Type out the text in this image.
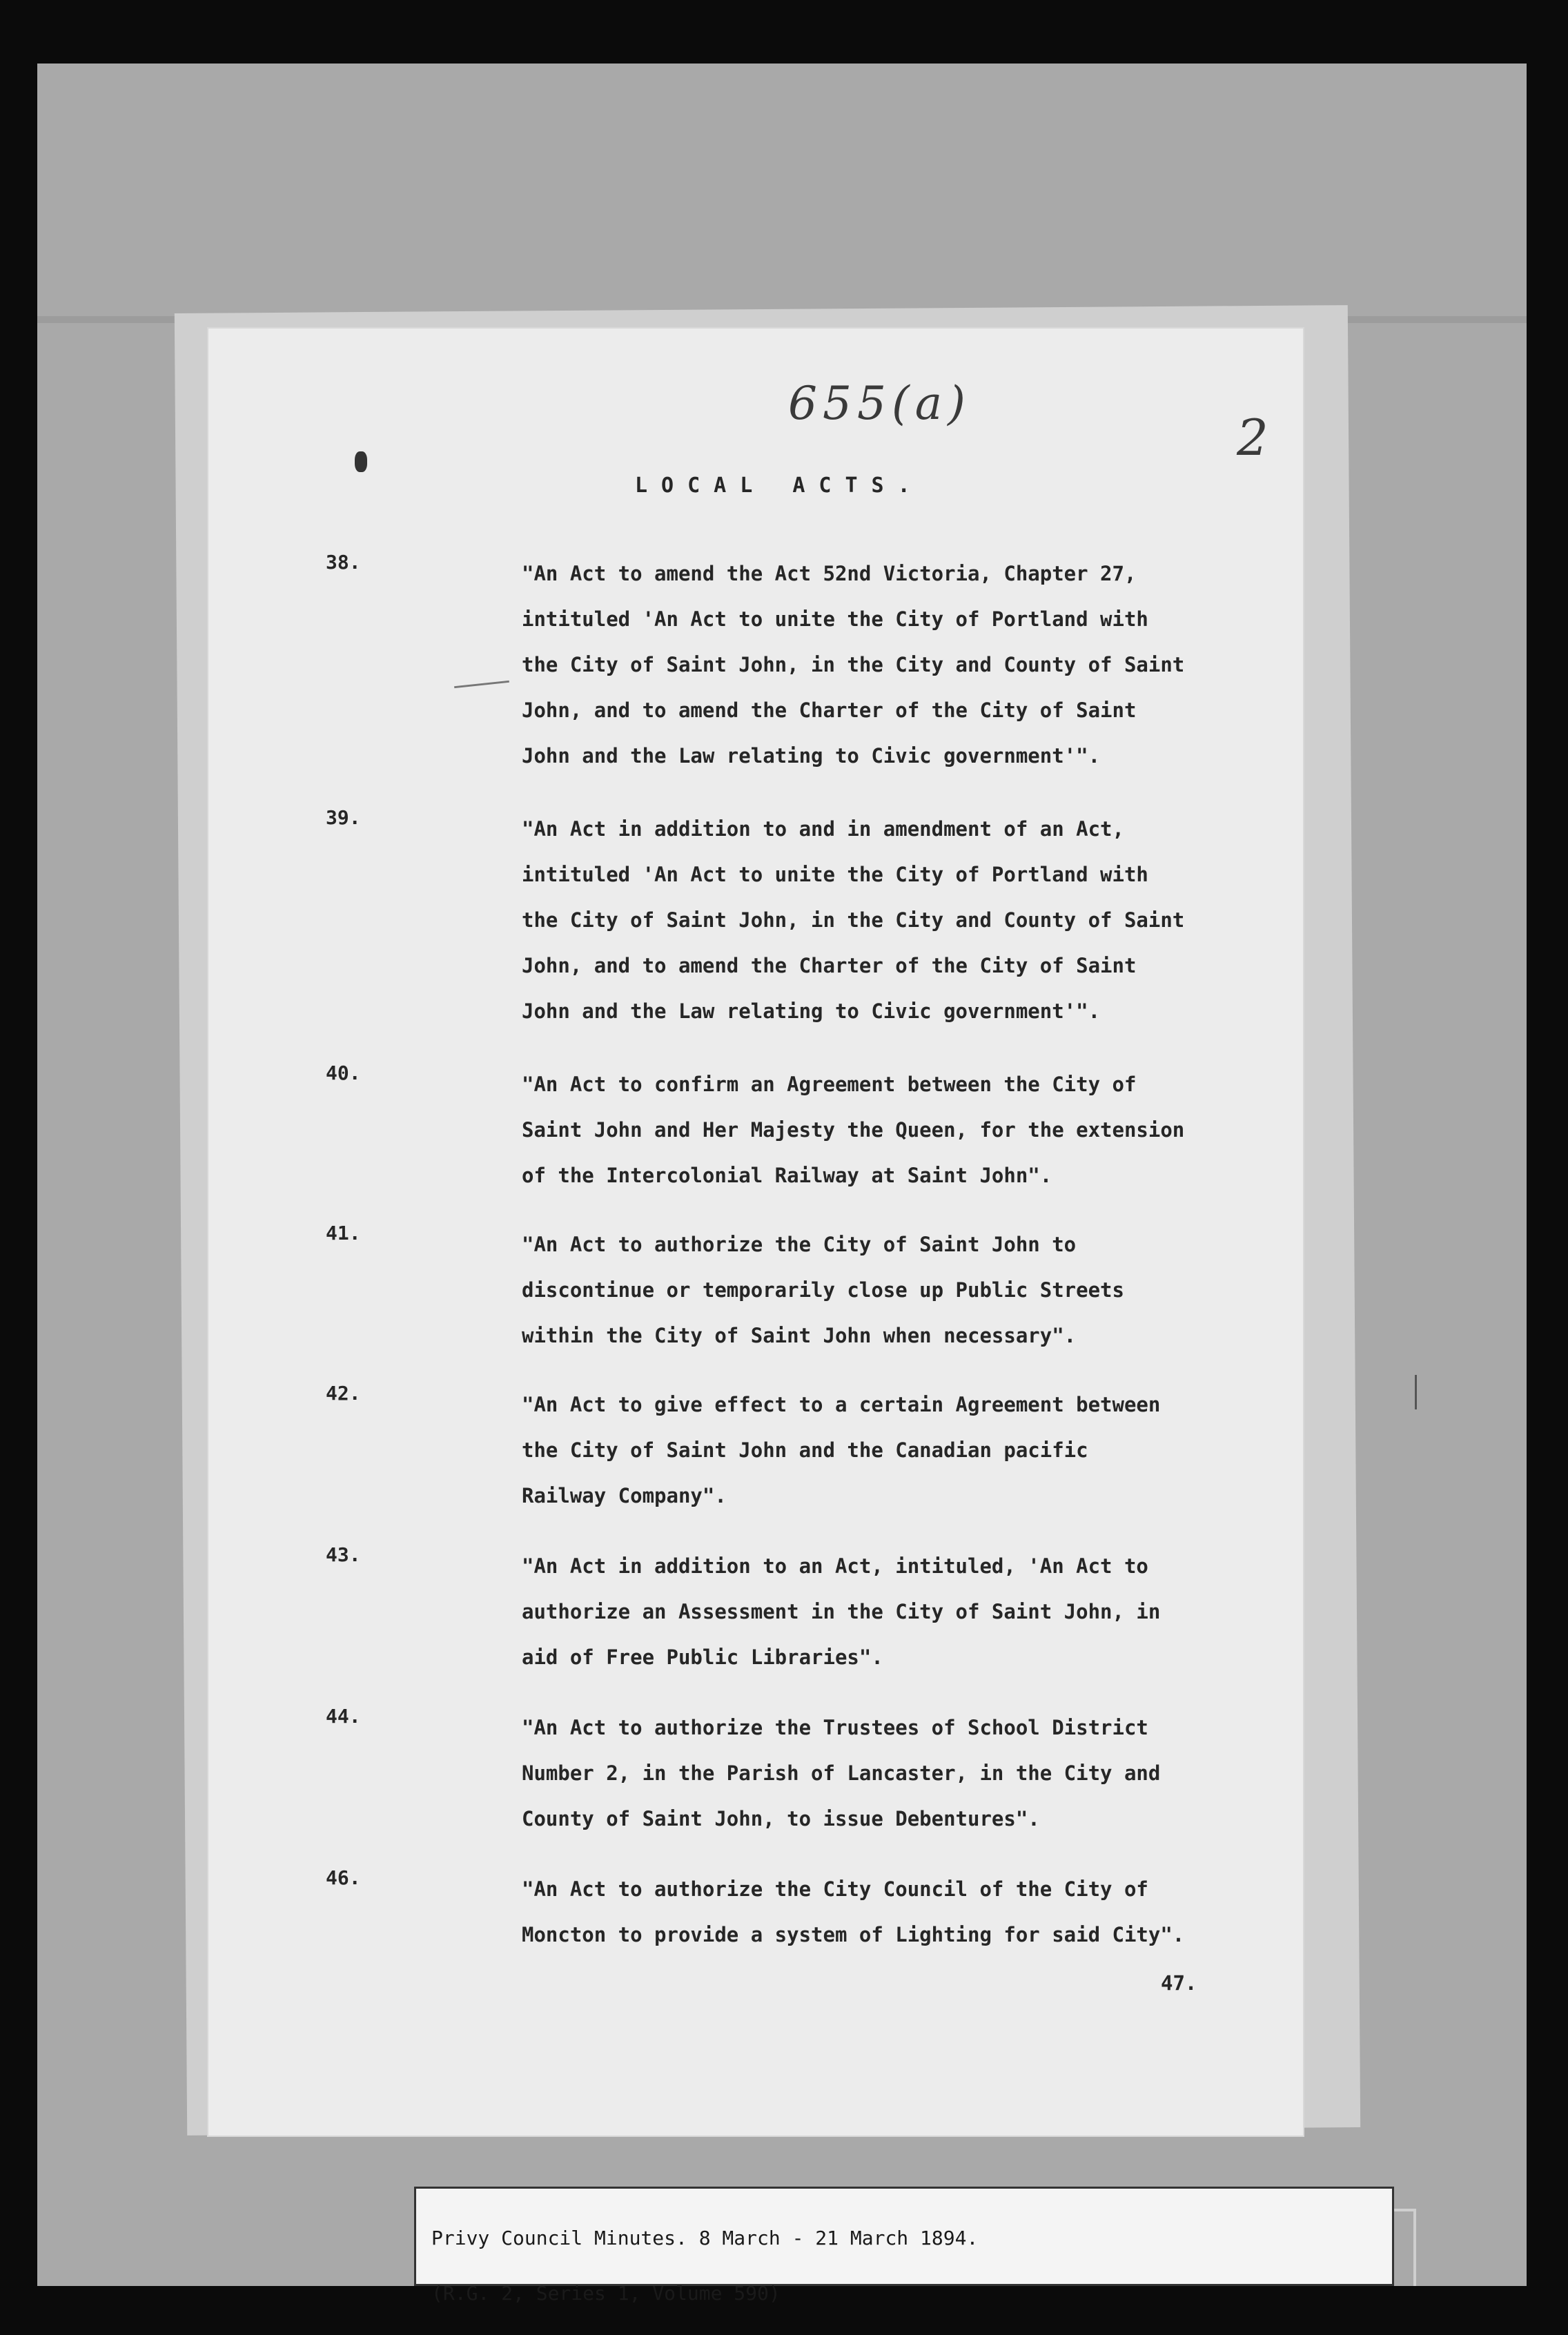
655(a)
2
LOCAL ACTS.
38.	"An Act to amend the Act 52nd Victoria, Chapter 27,
intituled 'An Act to unite the City of Portland with
the City of Saint John, in the City and County of Saint
John, and to amend the Charter of the City of Saint
John and the Law relating to Civic government'".

39.	"An Act in addition to and in amendment of an Act,
intituled 'An Act to unite the City of Portland with
the City of Saint John, in the City and County of Saint
John, and to amend the Charter of the City of Saint
John and the Law relating to Civic government'".

40.	"An Act to confirm an Agreement between the City of
Saint John and Her Majesty the Queen, for the extension
of the Intercolonial Railway at Saint John".

41.	"An Act to authorize the City of Saint John to
discontinue or temporarily close up Public Streets
within the City of Saint John when necessary".

42.	"An Act to give effect to a certain Agreement between
the City of Saint John and the Canadian pacific
Railway Company".

43.	"An Act in addition to an Act, intituled, 'An Act to
authorize an Assessment in the City of Saint John, in
aid of Free Public Libraries".

44.	"An Act to authorize the Trustees of School District
Number 2, in the Parish of Lancaster, in the City and
County of Saint John, to issue Debentures".

46.	"An Act to authorize the City Council of the City of
Moncton to provide a system of Lighting for said City".

47.

Privy Council Minutes. 8 March - 21 March 1894.

(R.G. 2, Series 1, Volume 590)
